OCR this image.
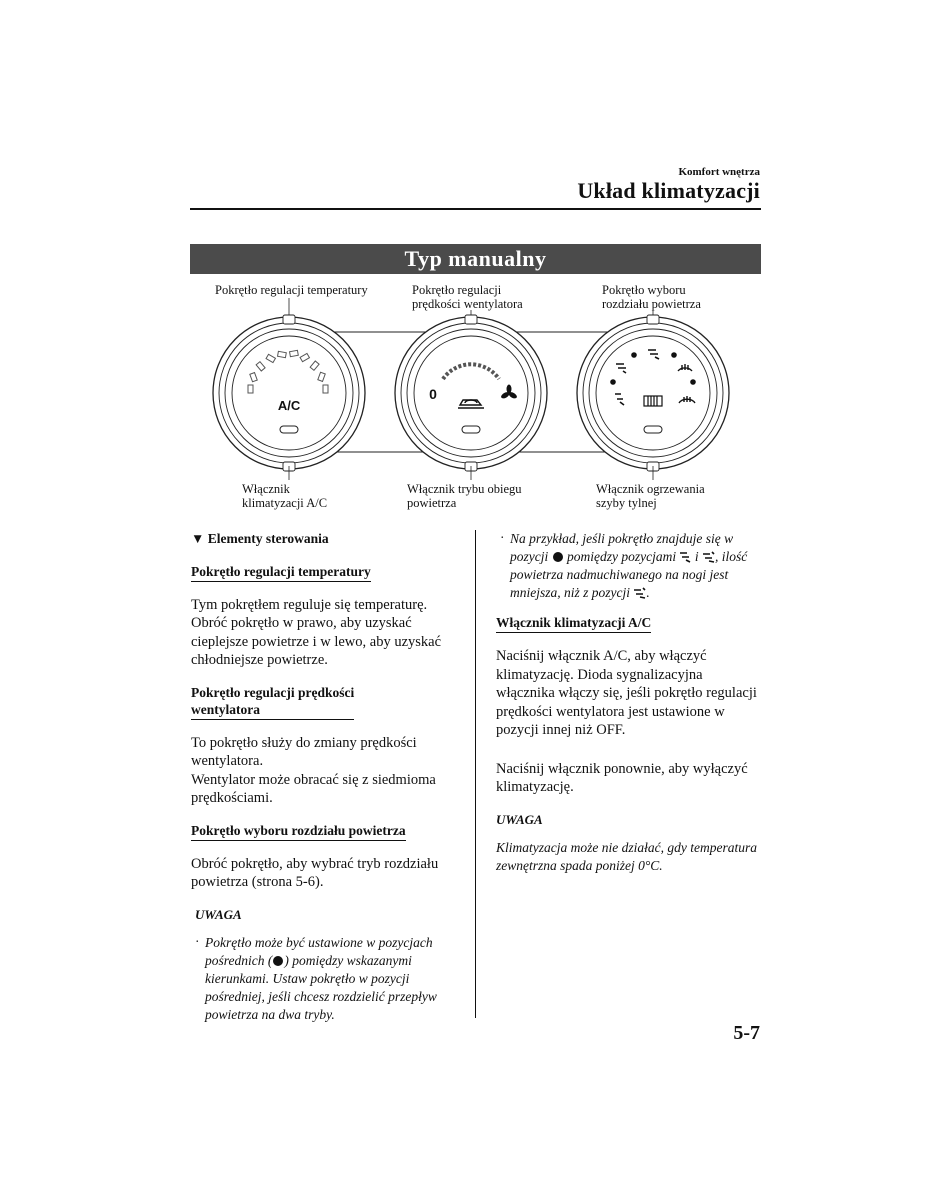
Komfort wnętrza
Układ klimatyzacji
Typ manualny
Pokrętło regulacji temperatury	Pokrętło regulacji
prędkości wentylatora
Pokrętło wyboru
rozdziału powietrza
A/C
0
Włącznik
klimatyzacji A/C
Włącznik trybu obiegu
powietrza
Włącznik ogrzewania
szyby tylnej
▼ Elementy sterowania
Pokrętło regulacji temperatury

Tym pokrętłem reguluje się temperaturę. Obróć pokrętło w prawo, aby uzyskać cieplejsze powietrze i w lewo, aby uzyskać chłodniejsze powietrze.

Pokrętło regulacji prędkości
wentylatora

To pokrętło służy do zmiany prędkości wentylatora.

Wentylator może obracać się z siedmioma prędkościami.

Pokrętło wyboru rozdziału powietrza

Obróć pokrętło, aby wybrać tryb rozdziału powietrza (strona 5-6).

UWAGA
· Pokrętło może być ustawione w pozycjach pośrednich ( ) pomiędzy wskazanymi kierunkami. Ustaw pokrętło w pozycji pośredniej, jeśli chcesz rozdzielić przepływ powietrza na dwa tryby.
· Na przykład, jeśli pokrętło znajduje się w pozycji pomiędzy pozycjami i , ilość powietrza nadmuchiwanego na nogi jest mniejsza, niż z pozycji .
Włącznik klimatyzacji A/C

Naciśnij włącznik A/C, aby włączyć klimatyzację. Dioda sygnalizacyjna włącznika włączy się, jeśli pokrętło regulacji prędkości wentylatora jest ustawione w pozycji innej niż OFF.

Naciśnij włącznik ponownie, aby wyłączyć klimatyzację.

UWAGA
Klimatyzacja może nie działać, gdy temperatura zewnętrzna spada poniżej 0°C.
5-7
